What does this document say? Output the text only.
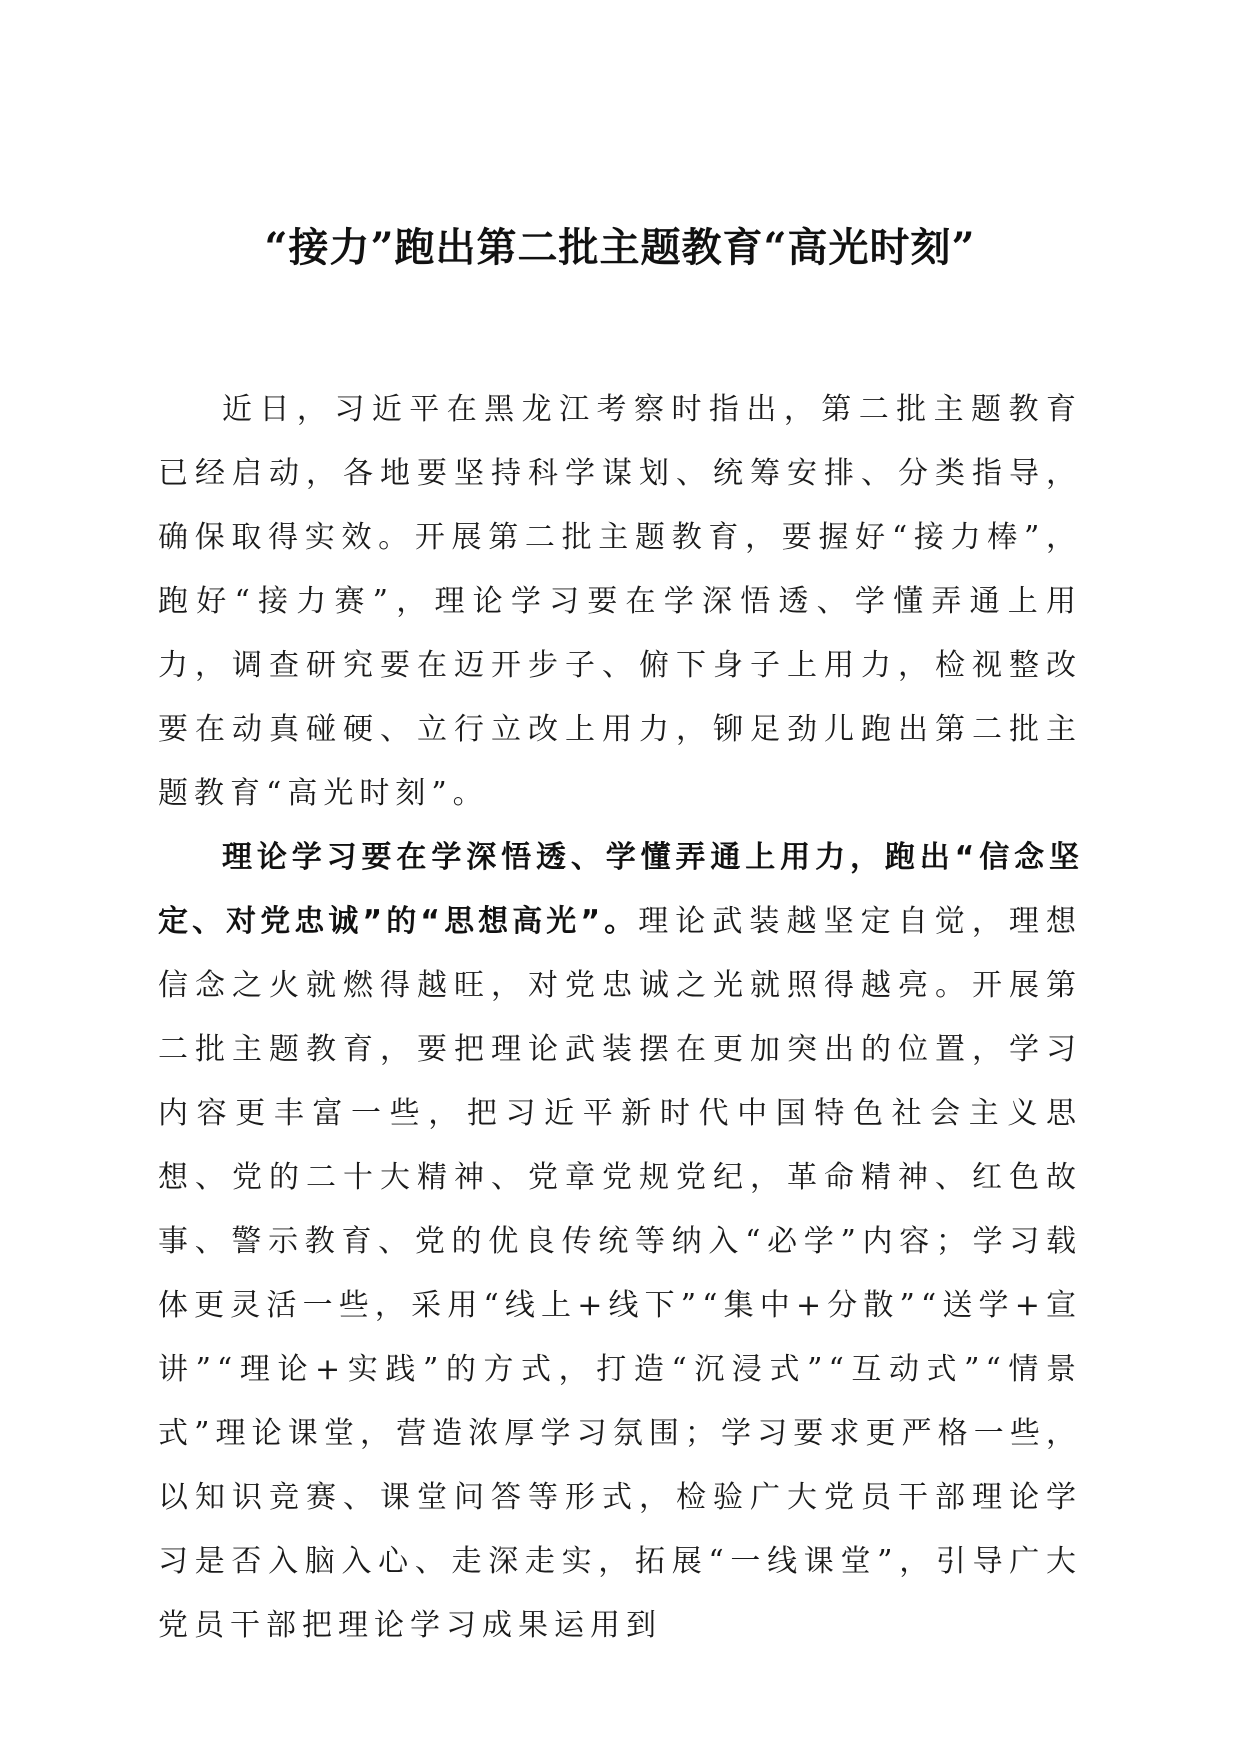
“接力”跑出第二批主题教育“高光时刻”

近日，习近平在黑龙江考察时指出，第二批主题教育已经启动，各地要坚持科学谋划、统筹安排、分类指导，确保取得实效。开展第二批主题教育，要握好“接力棒”，跑好“接力赛”，理论学习要在学深悟透、学懂弄通上用力，调查研究要在迈开步子、俯下身子上用力，检视整改要在动真碰硬、立行立改上用力，铆足劲儿跑出第二批主题教育“高光时刻”。

理论学习要在学深悟透、学懂弄通上用力，跑出“信念坚定、对党忠诚”的“思想高光”。理论武装越坚定自觉，理想信念之火就燃得越旺，对党忠诚之光就照得越亮。开展第二批主题教育，要把理论武装摆在更加突出的位置，学习内容更丰富一些，把习近平新时代中国特色社会主义思想、党的二十大精神、党章党规党纪，革命精神、红色故事、警示教育、党的优良传统等纳入“必学”内容；学习载体更灵活一些，采用“线上+线下”“集中+分散”“送学+宣讲”“理论+实践”的方式，打造“沉浸式”“互动式”“情景式”理论课堂，营造浓厚学习氛围；学习要求更严格一些，以知识竞赛、课堂问答等形式，检验广大党员干部理论学习是否入脑入心、走深走实，拓展“一线课堂”，引导广大党员干部把理论学习成果运用到
